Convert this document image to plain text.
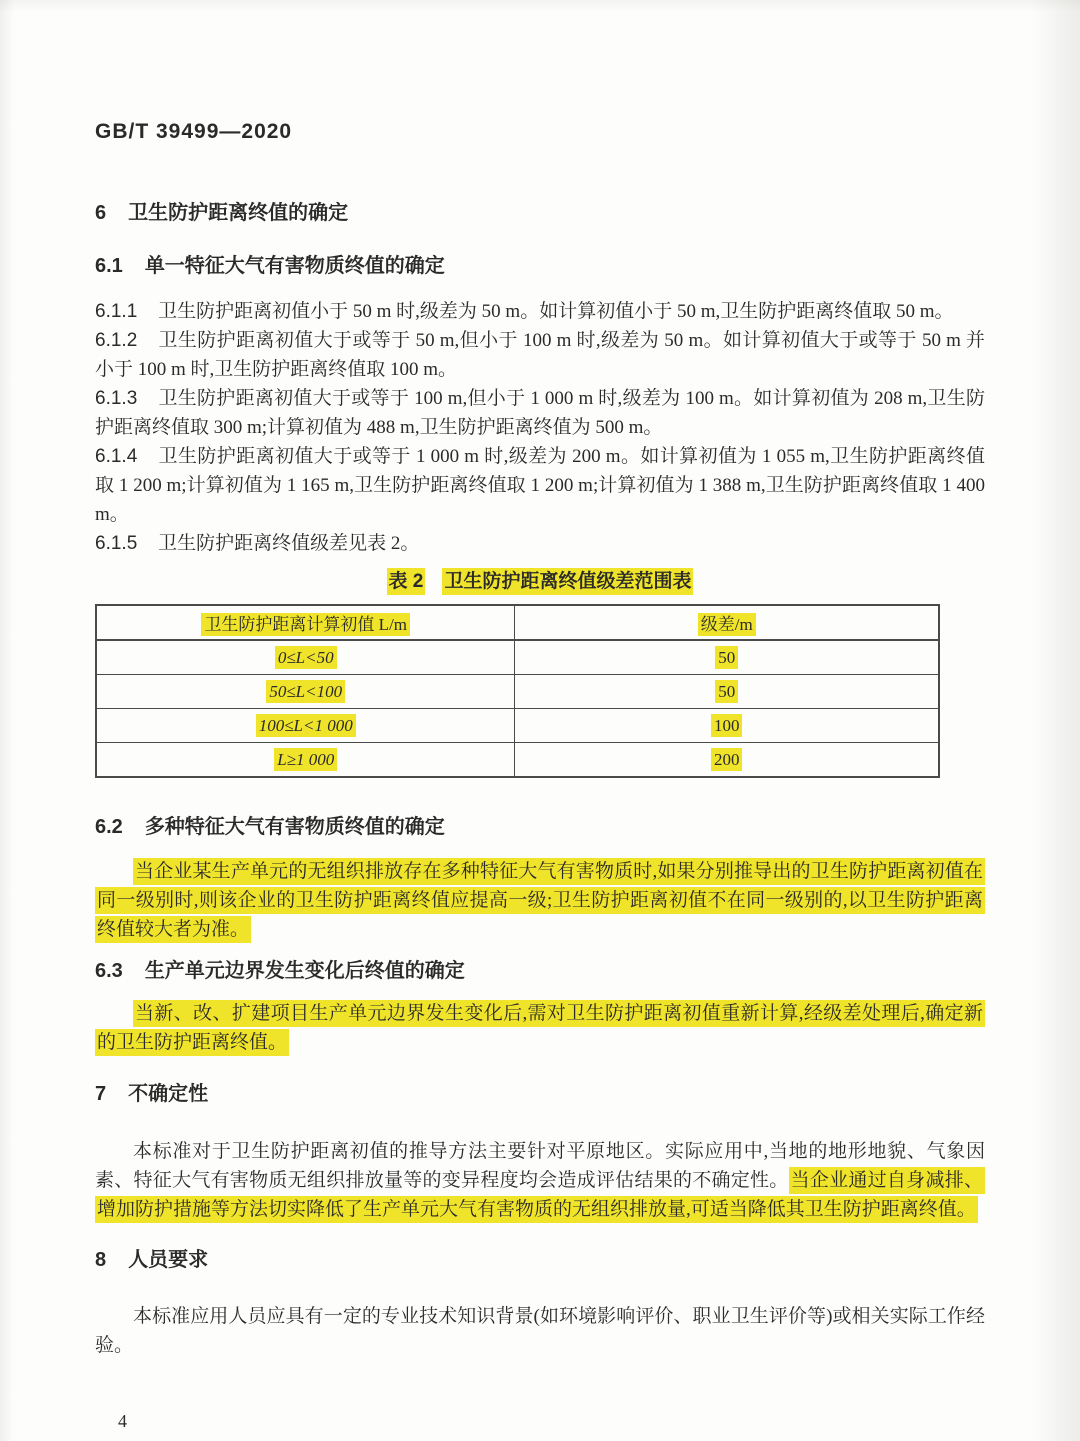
GB/T 39499—2020
6 卫生防护距离终值的确定
6.1 单一特征大气有害物质终值的确定

6.1.1 卫生防护距离初值小于 50 m 时,级差为 50 m。如计算初值小于 50 m,卫生防护距离终值取 50 m。

6.1.2 卫生防护距离初值大于或等于 50 m,但小于 100 m 时,级差为 50 m。如计算初值大于或等于 50 m 并小于 100 m 时,卫生防护距离终值取 100 m。

6.1.3 卫生防护距离初值大于或等于 100 m,但小于 1 000 m 时,级差为 100 m。如计算初值为 208 m,卫生防护距离终值取 300 m;计算初值为 488 m,卫生防护距离终值为 500 m。

6.1.4 卫生防护距离初值大于或等于 1 000 m 时,级差为 200 m。如计算初值为 1 055 m,卫生防护距离终值取 1 200 m;计算初值为 1 165 m,卫生防护距离终值取 1 200 m;计算初值为 1 388 m,卫生防护距离终值取 1 400 m。

6.1.5 卫生防护距离终值级差见表 2。

表 2 卫生防护距离终值级差范围表
卫生防护距离计算初值 L/m	级差/m
0≤L<50	50
50≤L<100	50
100≤L<1 000	100
L≥1 000	200
6.2 多种特征大气有害物质终值的确定

当企业某生产单元的无组织排放存在多种特征大气有害物质时,如果分别推导出的卫生防护距离初值在同一级别时,则该企业的卫生防护距离终值应提高一级;卫生防护距离初值不在同一级别的,以卫生防护距离终值较大者为准。

6.3 生产单元边界发生变化后终值的确定

当新、改、扩建项目生产单元边界发生变化后,需对卫生防护距离初值重新计算,经级差处理后,确定新的卫生防护距离终值。

7 不确定性

本标准对于卫生防护距离初值的推导方法主要针对平原地区。实际应用中,当地的地形地貌、气象因素、特征大气有害物质无组织排放量等的变异程度均会造成评估结果的不确定性。 当企业通过自身减排、增加防护措施等方法切实降低了生产单元大气有害物质的无组织排放量,可适当降低其卫生防护距离终值。

8 人员要求

本标准应用人员应具有一定的专业技术知识背景(如环境影响评价、职业卫生评价等)或相关实际工作经验。

4
